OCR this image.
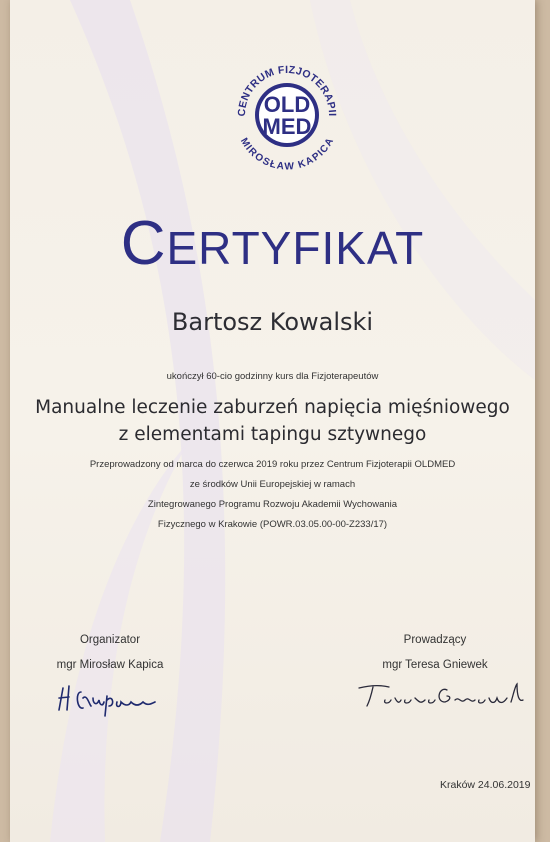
CENTRUM FIZJOTERAPII
MIROSŁAW KAPICA
OLD
MED
CERTYFIKAT
Bartosz Kowalski
ukończył 60-cio godzinny kurs dla Fizjoterapeutów
Manualne leczenie zaburzeń napięcia mięśniowego
z elementami tapingu sztywnego
Przeprowadzony od marca do czerwca 2019 roku przez Centrum Fizjoterapii OLDMED
ze środków Unii Europejskiej w ramach
Zintegrowanego Programu Rozwoju Akademii Wychowania
Fizycznego w Krakowie (POWR.03.05.00-00-Z233/17)
Organizator
mgr Mirosław Kapica
Prowadzący
mgr Teresa Gniewek
Kraków 24.06.2019
